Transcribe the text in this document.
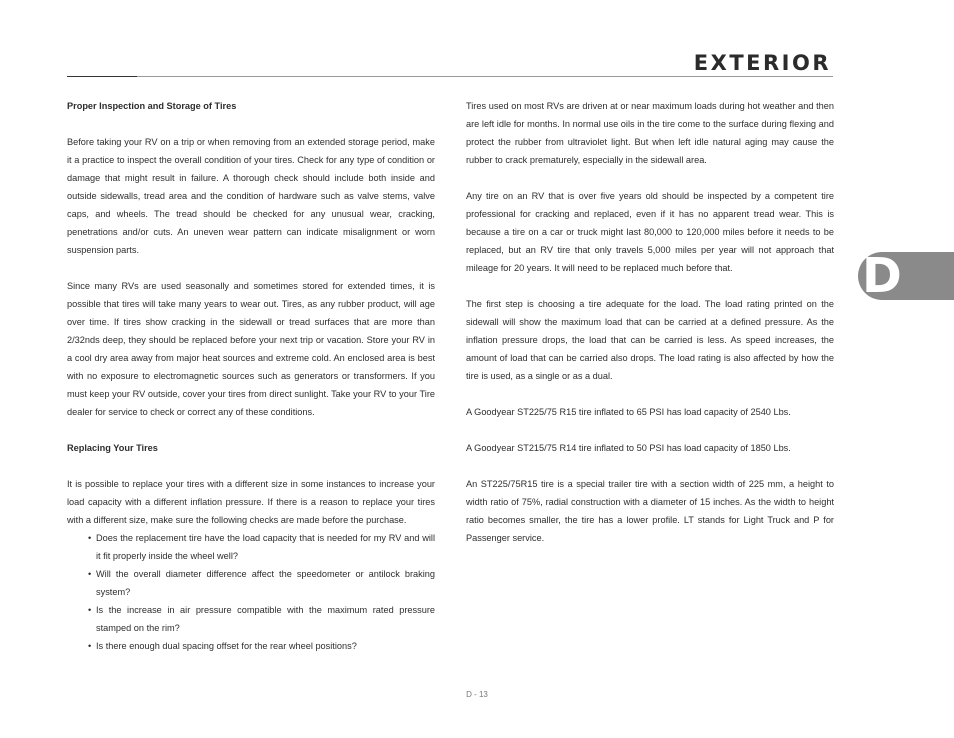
EXTERIOR
D
Proper Inspection and Storage of Tires

Before taking your RV on a trip or when removing from an extended storage period, make it a practice to inspect the overall condition of your tires. Check for any type of condition or damage that might result in failure. A thorough check should include both inside and outside sidewalls, tread area and the condition of hardware such as valve stems, valve caps, and wheels. The tread should be checked for any unusual wear, cracking, penetrations and/or cuts. An uneven wear pattern can indicate misalignment or worn suspension parts.

Since many RVs are used seasonally and sometimes stored for extended times, it is possible that tires will take many years to wear out. Tires, as any rubber product, will age over time. If tires show cracking in the sidewall or tread surfaces that are more than 2/32nds deep, they should be replaced before your next trip or vacation. Store your RV in a cool dry area away from major heat sources and extreme cold. An enclosed area is best with no exposure to electromagnetic sources such as generators or transformers. If you must keep your RV outside, cover your tires from direct sunlight. Take your RV to your Tire dealer for service to check or correct any of these conditions.

Replacing Your Tires

It is possible to replace your tires with a different size in some instances to increase your load capacity with a different inflation pressure. If there is a reason to replace your tires with a different size, make sure the following checks are made before the purchase.

• Does the replacement tire have the load capacity that is needed for my RV and will it fit properly inside the wheel well?
• Will the overall diameter difference affect the speedometer or antilock braking system?
• Is the increase in air pressure compatible with the maximum rated pressure stamped on the rim?
• Is there enough dual spacing offset for the rear wheel positions?

Tires used on most RVs are driven at or near maximum loads during hot weather and then are left idle for months. In normal use oils in the tire come to the surface during flexing and protect the rubber from ultraviolet light. But when left idle natural aging may cause the rubber to crack prematurely, especially in the sidewall area.

Any tire on an RV that is over five years old should be inspected by a competent tire professional for cracking and replaced, even if it has no apparent tread wear. This is because a tire on a car or truck might last 80,000 to 120,000 miles before it needs to be replaced, but an RV tire that only travels 5,000 miles per year will not approach that mileage for 20 years. It will need to be replaced much before that.

The first step is choosing a tire adequate for the load. The load rating printed on the sidewall will show the maximum load that can be carried at a defined pressure. As the inflation pressure drops, the load that can be carried is less. As speed increases, the amount of load that can be carried also drops. The load rating is also affected by how the tire is used, as a single or as a dual.

A Goodyear ST225/75 R15 tire inflated to 65 PSI has load capacity of 2540 Lbs.

A Goodyear ST215/75 R14 tire inflated to 50 PSI has load capacity of 1850 Lbs.

An ST225/75R15 tire is a special trailer tire with a section width of 225 mm, a height to width ratio of 75%, radial construction with a diameter of 15 inches. As the width to height ratio becomes smaller, the tire has a lower profile. LT stands for Light Truck and P for Passenger service.

D - 13
